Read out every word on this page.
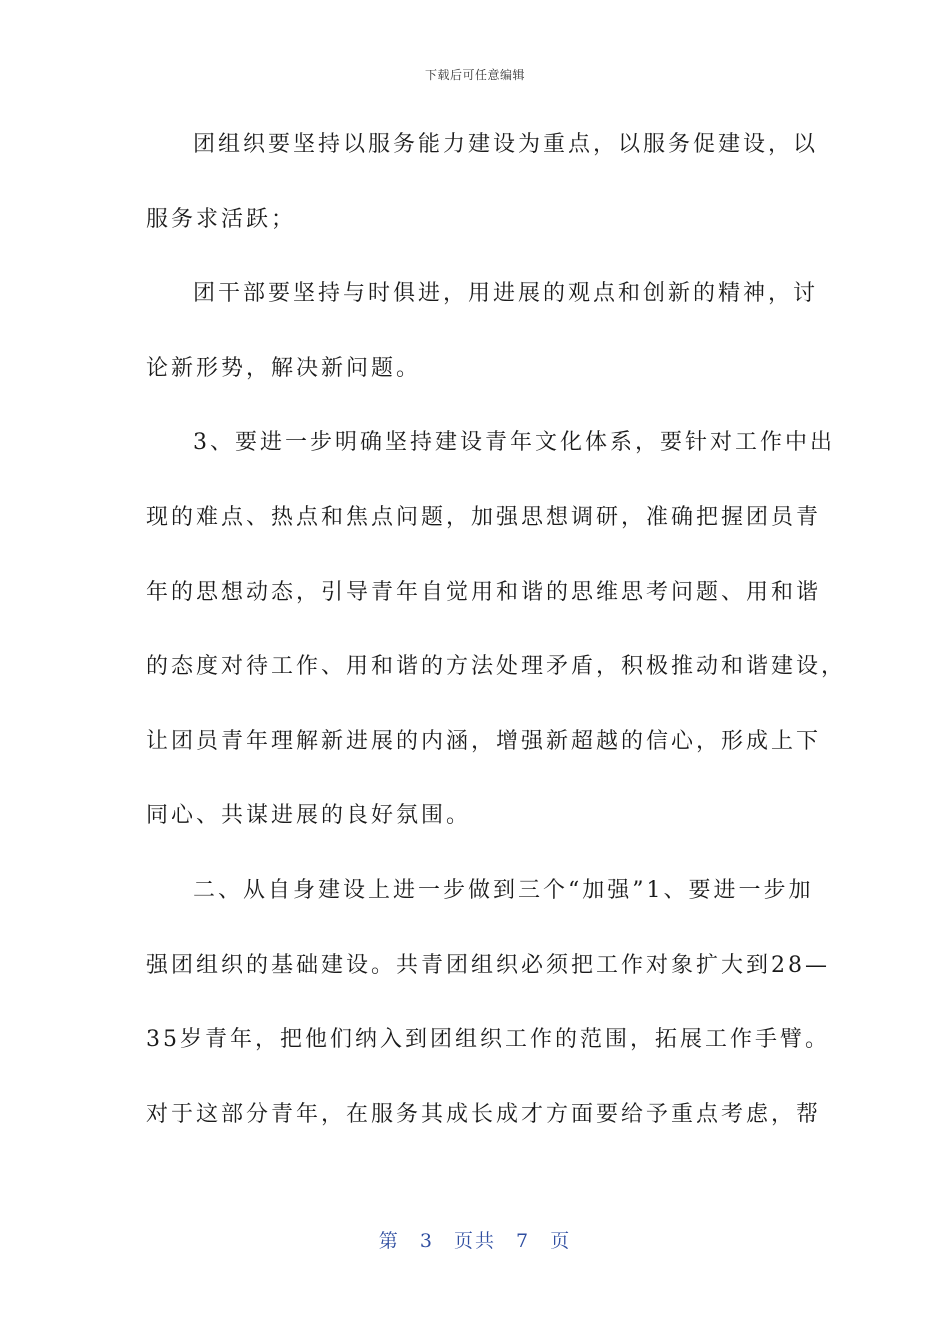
下载后可任意编辑
团组织要坚持以服务能力建设为重点，以服务促建设，以
服务求活跃；
团干部要坚持与时俱进，用进展的观点和创新的精神，讨
论新形势，解决新问题。
3、要进一步明确坚持建设青年文化体系，要针对工作中出
现的难点、热点和焦点问题，加强思想调研，准确把握团员青
年的思想动态，引导青年自觉用和谐的思维思考问题、用和谐
的态度对待工作、用和谐的方法处理矛盾，积极推动和谐建设，
让团员青年理解新进展的内涵，增强新超越的信心，形成上下
同心、共谋进展的良好氛围。
二、从自身建设上进一步做到三个“加强”1、要进一步加
强团组织的基础建设。共青团组织必须把工作对象扩大到28—
35岁青年，把他们纳入到团组织工作的范围，拓展工作手臂。
对于这部分青年，在服务其成长成才方面要给予重点考虑，帮
第 3 页共 7 页
